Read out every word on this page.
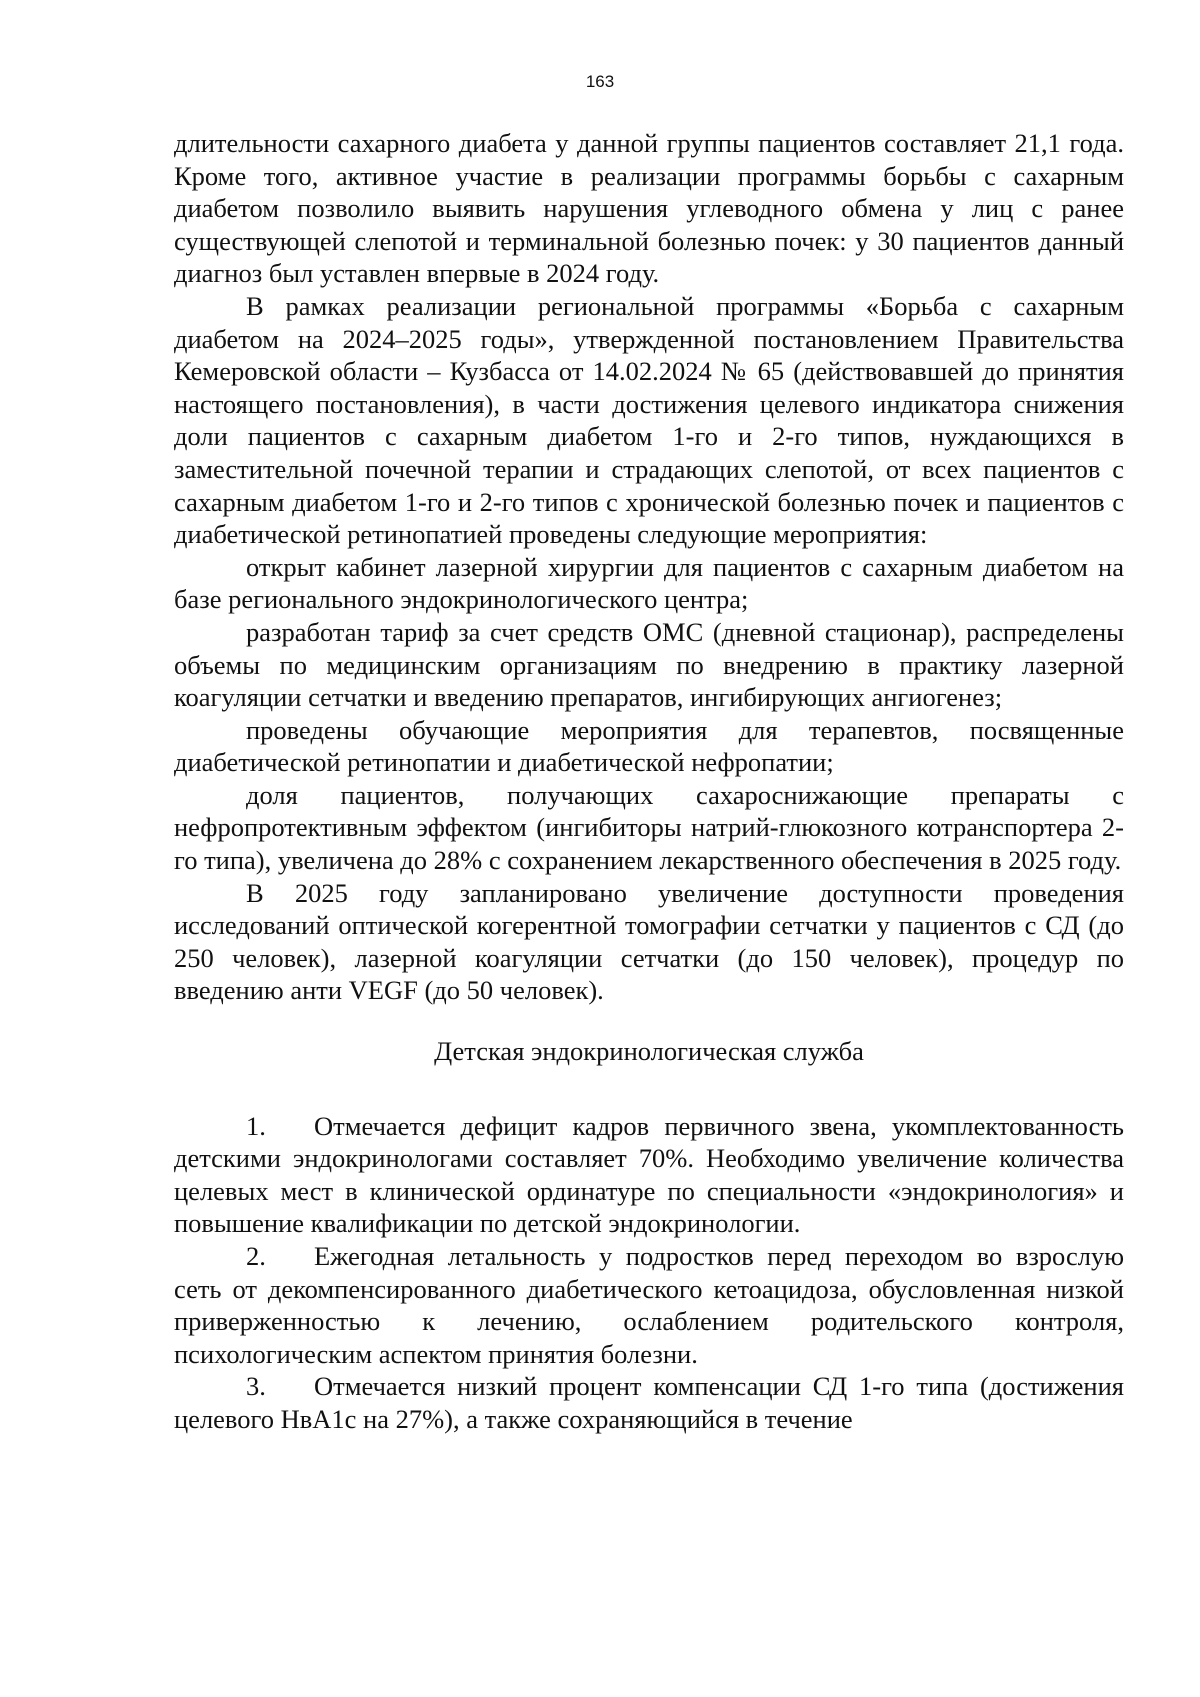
163

длительности сахарного диабета у данной группы пациентов составляет 21,1 года. Кроме того, активное участие в реализации программы борьбы с сахарным диабетом позволило выявить нарушения углеводного обмена у лиц с ранее существующей слепотой и терминальной болезнью почек: у 30 пациентов данный диагноз был уставлен впервые в 2024 году.

В рамках реализации региональной программы «Борьба с сахарным диабетом на 2024–2025 годы», утвержденной постановлением Правительства Кемеровской области – Кузбасса от 14.02.2024 № 65 (действовавшей до принятия настоящего постановления), в части достижения целевого индикатора снижения доли пациентов с сахарным диабетом 1-го и 2-го типов, нуждающихся в заместительной почечной терапии и страдающих слепотой, от всех пациентов с сахарным диабетом 1-го и 2-го типов с хронической болезнью почек и пациентов с диабетической ретинопатией проведены следующие мероприятия:

открыт кабинет лазерной хирургии для пациентов с сахарным диабетом на базе регионального эндокринологического центра;

разработан тариф за счет средств ОМС (дневной стационар), распределены объемы по медицинским организациям по внедрению в практику лазерной коагуляции сетчатки и введению препаратов, ингибирующих ангиогенез;

проведены обучающие мероприятия для терапевтов, посвященные диабетической ретинопатии и диабетической нефропатии;

доля пациентов, получающих сахароснижающие препараты с нефропротективным эффектом (ингибиторы натрий-глюкозного котранспортера 2-го типа), увеличена до 28% с сохранением лекарственного обеспечения в 2025 году.

В 2025 году запланировано увеличение доступности проведения исследований оптической когерентной томографии сетчатки у пациентов с СД (до 250 человек), лазерной коагуляции сетчатки (до 150 человек), процедур по введению анти VEGF (до 50 человек).

Детская эндокринологическая служба

1. Отмечается дефицит кадров первичного звена, укомплектованность детскими эндокринологами составляет 70%. Необходимо увеличение количества целевых мест в клинической ординатуре по специальности «эндокринология» и повышение квалификации по детской эндокринологии.

2. Ежегодная летальность у подростков перед переходом во взрослую сеть от декомпенсированного диабетического кетоацидоза, обусловленная низкой приверженностью к лечению, ослаблением родительского контроля, психологическим аспектом принятия болезни.

3. Отмечается низкий процент компенсации СД 1-го типа (достижения целевого НвА1с на 27%), а также сохраняющийся в течение
